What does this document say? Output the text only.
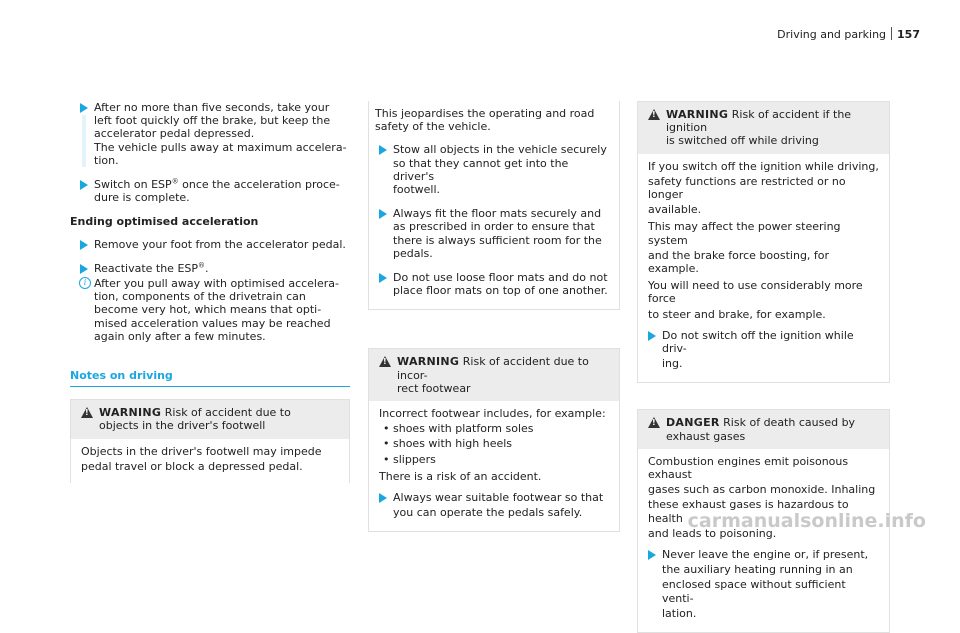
Driving and parking 157

After no more than five seconds, take your

left foot quickly off the brake, but keep the

accelerator pedal depressed.

The vehicle pulls away at maximum accelera-

tion.

Switch on ESP® once the acceleration proce-

dure is complete.

Ending optimised acceleration

Remove your foot from the accelerator pedal.

Reactivate the ESP®.

i After you pull away with optimised accelera-

tion, components of the drivetrain can

become very hot, which means that opti-

mised acceleration values may be reached

again only after a few minutes.

Notes on driving
!

WARNING Risk of accident due to

objects in the driver's footwell

Objects in the driver's footwell may impede

pedal travel or block a depressed pedal.

This jeopardises the operating and road

safety of the vehicle.

Stow all objects in the vehicle securely

so that they cannot get into the driver's

footwell.

Always fit the floor mats securely and

as prescribed in order to ensure that

there is always sufficient room for the

pedals.

Do not use loose floor mats and do not

place floor mats on top of one another.

!

WARNING Risk of accident due to incor-

rect footwear

Incorrect footwear includes, for example:

• shoes with platform soles
• shoes with high heels
• slippers

There is a risk of an accident.

Always wear suitable footwear so that

you can operate the pedals safely.

!

WARNING Risk of accident if the ignition

is switched off while driving

If you switch off the ignition while driving,

safety functions are restricted or no longer

available.

This may affect the power steering system

and the brake force boosting, for example.

You will need to use considerably more force

to steer and brake, for example.

Do not switch off the ignition while driv-

ing.

!

DANGER Risk of death caused by

exhaust gases

Combustion engines emit poisonous exhaust

gases such as carbon monoxide. Inhaling

these exhaust gases is hazardous to health

and leads to poisoning.

Never leave the engine or, if present,

the auxiliary heating running in an

enclosed space without sufficient venti-

lation.

carmanualsonline.info
